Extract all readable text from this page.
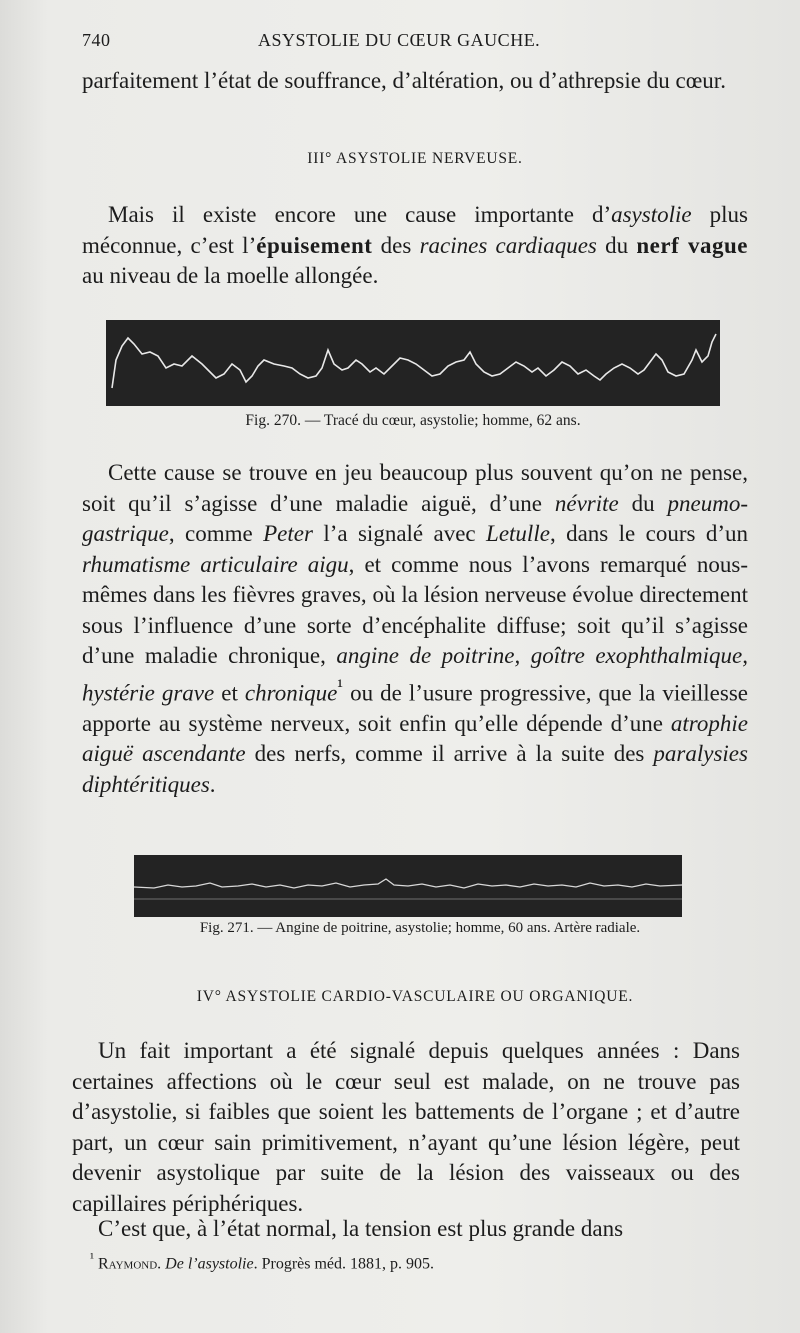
740	ASYSTOLIE DU CŒUR GAUCHE.

parfaitement l’état de souffrance, d’altération, ou d’athrepsie du cœur.

III° ASYSTOLIE NERVEUSE.

Mais il existe encore une cause importante d’asystolie plus méconnue, c’est l’épuisement des racines cardiaques du nerf vague au niveau de la moelle allongée.

Fig. 270. — Tracé du cœur, asystolie; homme, 62 ans.

Cette cause se trouve en jeu beaucoup plus souvent qu’on ne pense, soit qu’il s’agisse d’une maladie aiguë, d’une névrite du pneumo-gastrique, comme Peter l’a signalé avec Letulle, dans le cours d’un rhumatisme articulaire aigu, et comme nous l’avons remarqué nous-mêmes dans les fièvres graves, où la lésion nerveuse évolue directement sous l’influence d’une sorte d’encéphalite diffuse; soit qu’il s’agisse d’une maladie chronique, angine de poitrine, goître exophthalmique, hystérie grave et chronique$^{^1}$ ou de l’usure progressive, que la vieillesse apporte au système nerveux, soit enfin qu’elle dépende d’une atrophie aiguë ascendante des nerfs, comme il arrive à la suite des paralysies diphtéritiques.

Fig. 271. — Angine de poitrine, asystolie; homme, 60 ans. Artère radiale.
IV° ASYSTOLIE CARDIO-VASCULAIRE OU ORGANIQUE.

Un fait important a été signalé depuis quelques années : Dans certaines affections où le cœur seul est malade, on ne trouve pas d’asystolie, si faibles que soient les battements de l’organe ; et d’autre part, un cœur sain primitivement, n’ayant qu’une lésion légère, peut devenir asystolique par suite de la lésion des vaisseaux ou des capillaires périphériques.

C’est que, à l’état normal, la tension est plus grande dans

$^{^1}$ Raymond. De l’asystolie. Progrès méd. 1881, p. 905.
